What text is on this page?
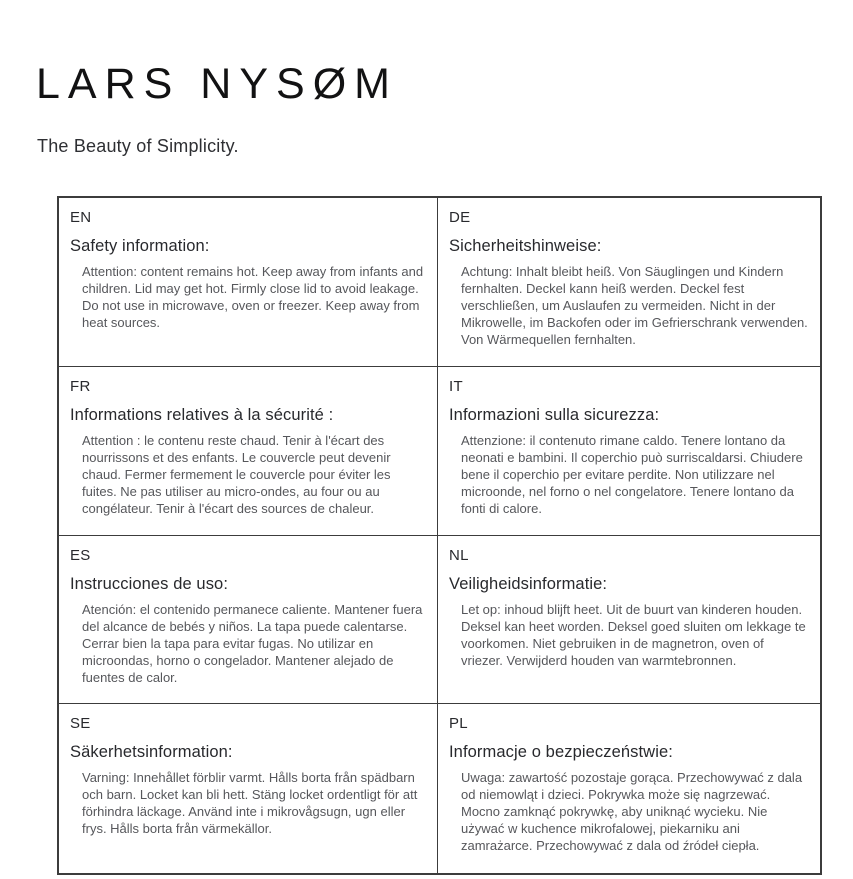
LARS NYSØM
The Beauty of Simplicity.
EN
Safety information:
Attention: content remains hot. Keep away from infants and children. Lid may get hot. Firmly close lid to avoid leakage. Do not use in microwave, oven or freezer. Keep away from heat sources.
DE
Sicherheitshinweise:
Achtung: Inhalt bleibt heiß. Von Säuglingen und Kindern fernhalten. Deckel kann heiß werden. Deckel fest verschließen, um Auslaufen zu vermeiden. Nicht in der Mikrowelle, im Backofen oder im Gefrierschrank verwenden. Von Wärmequellen fernhalten.
FR
Informations relatives à la sécurité :
Attention : le contenu reste chaud. Tenir à l'écart des nourrissons et des enfants. Le couvercle peut devenir chaud. Fermer fermement le couvercle pour éviter les fuites. Ne pas utiliser au micro-ondes, au four ou au congélateur. Tenir à l'écart des sources de chaleur.
IT
Informazioni sulla sicurezza:
Attenzione: il contenuto rimane caldo. Tenere lontano da neonati e bambini. Il coperchio può surriscaldarsi. Chiudere bene il coperchio per evitare perdite. Non utilizzare nel microonde, nel forno o nel congelatore. Tenere lontano da fonti di calore.
ES
Instrucciones de uso:
Atención: el contenido permanece caliente. Mantener fuera del alcance de bebés y niños. La tapa puede calentarse. Cerrar bien la tapa para evitar fugas. No utilizar en microondas, horno o congelador. Mantener alejado de fuentes de calor.
NL
Veiligheidsinformatie:
Let op: inhoud blijft heet. Uit de buurt van kinderen houden. Deksel kan heet worden. Deksel goed sluiten om lekkage te voorkomen. Niet gebruiken in de magnetron, oven of vriezer. Verwijderd houden van warmtebronnen.
SE
Säkerhetsinformation:
Varning: Innehållet förblir varmt. Hålls borta från spädbarn och barn. Locket kan bli hett. Stäng locket ordentligt för att förhindra läckage. Använd inte i mikrovågsugn, ugn eller frys. Hålls borta från värmekällor.
PL
Informacje o bezpieczeństwie:
Uwaga: zawartość pozostaje gorąca. Przechowywać z dala od niemowląt i dzieci. Pokrywka może się nagrzewać. Mocno zamknąć pokrywkę, aby uniknąć wycieku. Nie używać w kuchence mikrofalowej, piekarniku ani zamrażarce. Przechowywać z dala od źródeł ciepła.
